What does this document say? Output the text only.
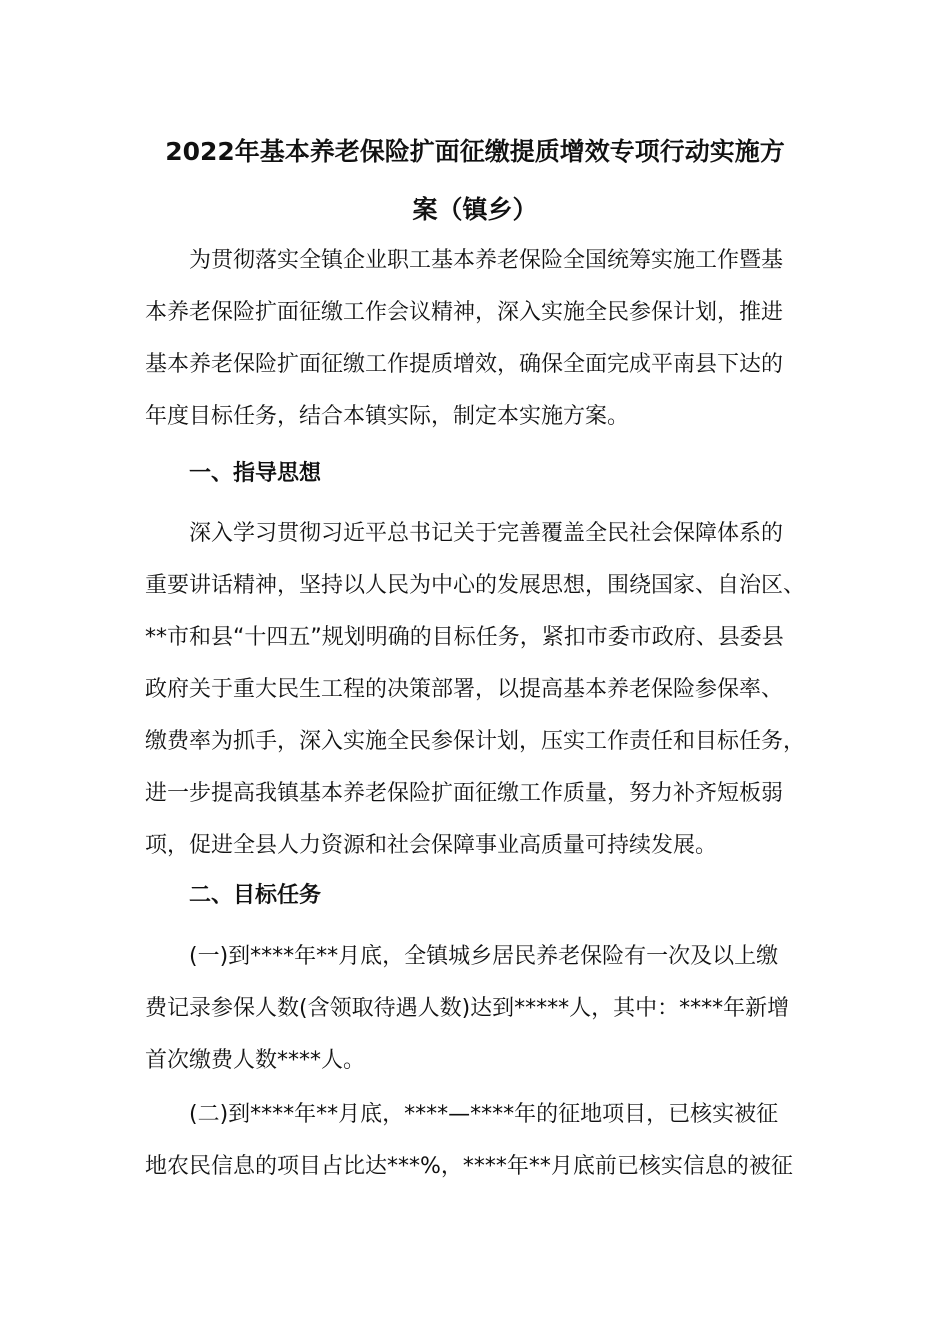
2022年基本养老保险扩面征缴提质增效专项行动实施方
案（镇乡）
为贯彻落实全镇企业职工基本养老保险全国统筹实施工作暨基
本养老保险扩面征缴工作会议精神，深入实施全民参保计划，推进
基本养老保险扩面征缴工作提质增效，确保全面完成平南县下达的
年度目标任务，结合本镇实际，制定本实施方案。
一、指导思想
深入学习贯彻习近平总书记关于完善覆盖全民社会保障体系的
重要讲话精神，坚持以人民为中心的发展思想，围绕国家、自治区、
**市和县“十四五”规划明确的目标任务，紧扣市委市政府、县委县
政府关于重大民生工程的决策部署，以提高基本养老保险参保率、
缴费率为抓手，深入实施全民参保计划，压实工作责任和目标任务，
进一步提高我镇基本养老保险扩面征缴工作质量，努力补齐短板弱
项，促进全县人力资源和社会保障事业高质量可持续发展。
二、目标任务
(一)到****年**月底，全镇城乡居民养老保险有一次及以上缴
费记录参保人数(含领取待遇人数)达到*****人，其中：****年新增
首次缴费人数****人。
(二)到****年**月底，****—****年的征地项目，已核实被征
地农民信息的项目占比达***%，****年**月底前已核实信息的被征
